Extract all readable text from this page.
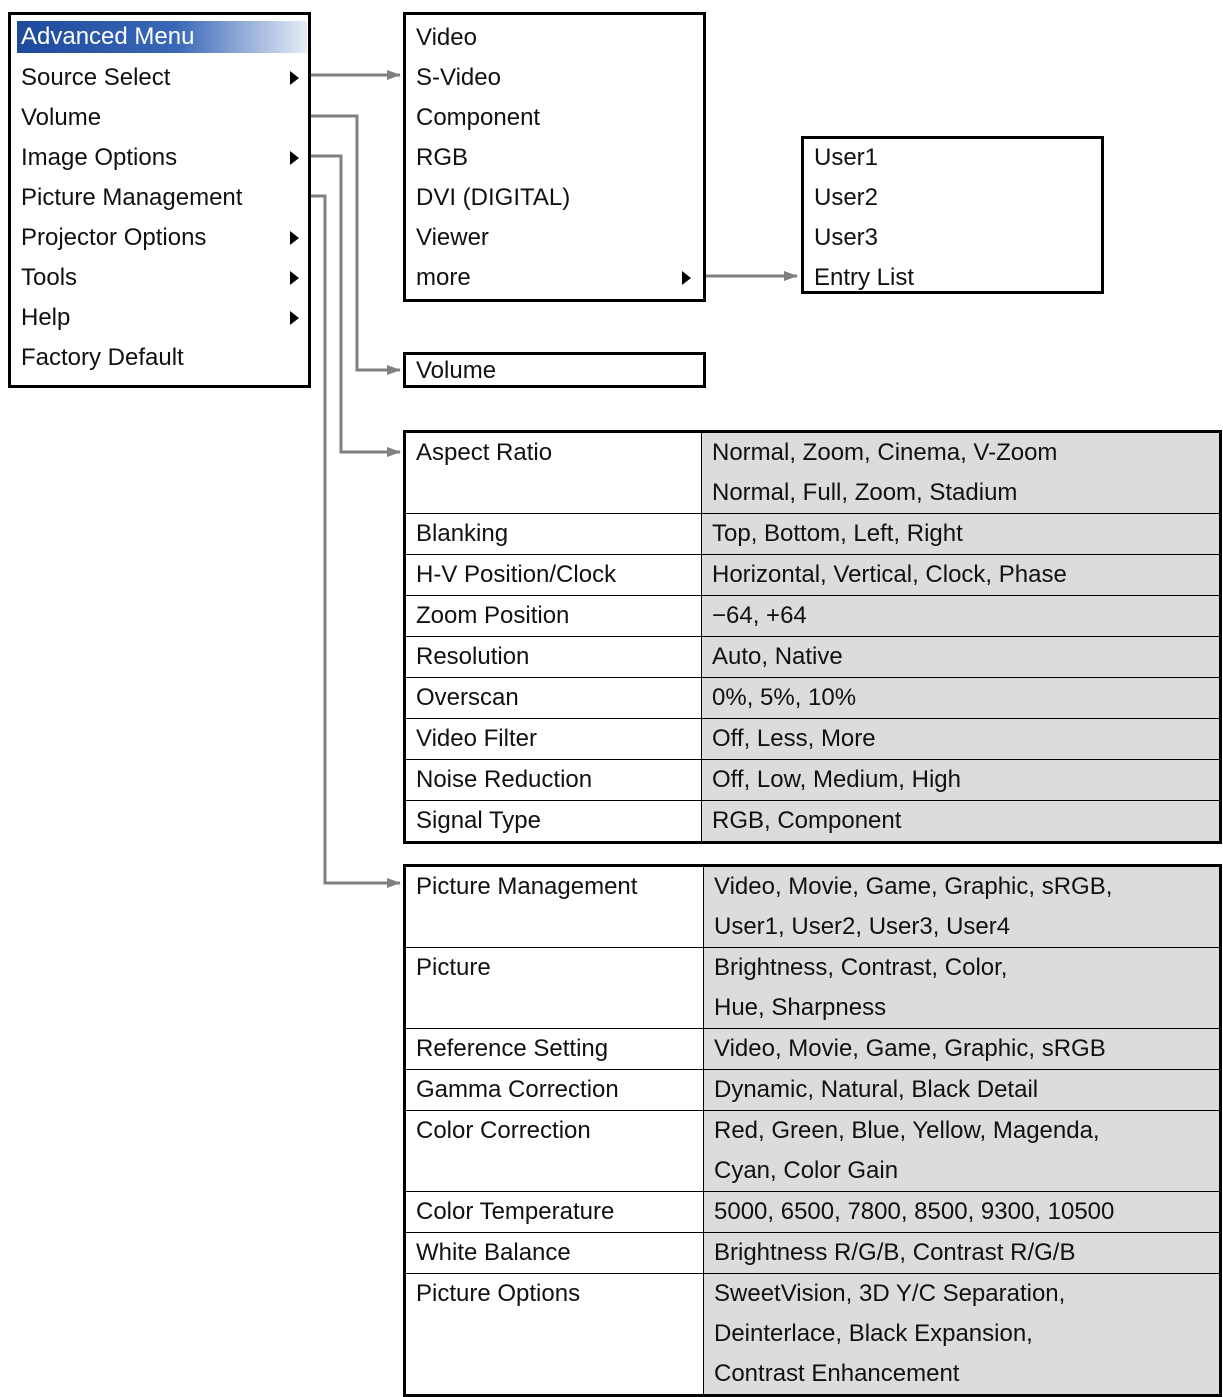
Advanced Menu
Source Select
Volume
Image Options
Picture Management
Projector Options
Tools
Help
Factory Default
Video
S-Video
Component
RGB
DVI (DIGITAL)
Viewer
more
User1
User2
User3
Entry List
Volume
Aspect Ratio	Normal, Zoom, Cinema, V-Zoom
Normal, Full, Zoom, Stadium

Blanking	Top, Bottom, Left, Right
H-V Position/Clock	Horizontal, Vertical, Clock, Phase
Zoom Position	−64, +64
Resolution	Auto, Native
Overscan	0%, 5%, 10%
Video Filter	Off, Less, More
Noise Reduction	Off, Low, Medium, High
Signal Type	RGB, Component
Picture Management	Video, Movie, Game, Graphic, sRGB,
User1, User2, User3, User4

Picture	Brightness, Contrast, Color,
Hue, Sharpness

Reference Setting	Video, Movie, Game, Graphic, sRGB
Gamma Correction	Dynamic, Natural, Black Detail
Color Correction	Red, Green, Blue, Yellow, Magenda,
Cyan, Color Gain

Color Temperature	5000, 6500, 7800, 8500, 9300, 10500
White Balance	Brightness R/G/B, Contrast R/G/B
Picture Options	SweetVision, 3D Y/C Separation,
Deinterlace, Black Expansion,
Contrast Enhancement
